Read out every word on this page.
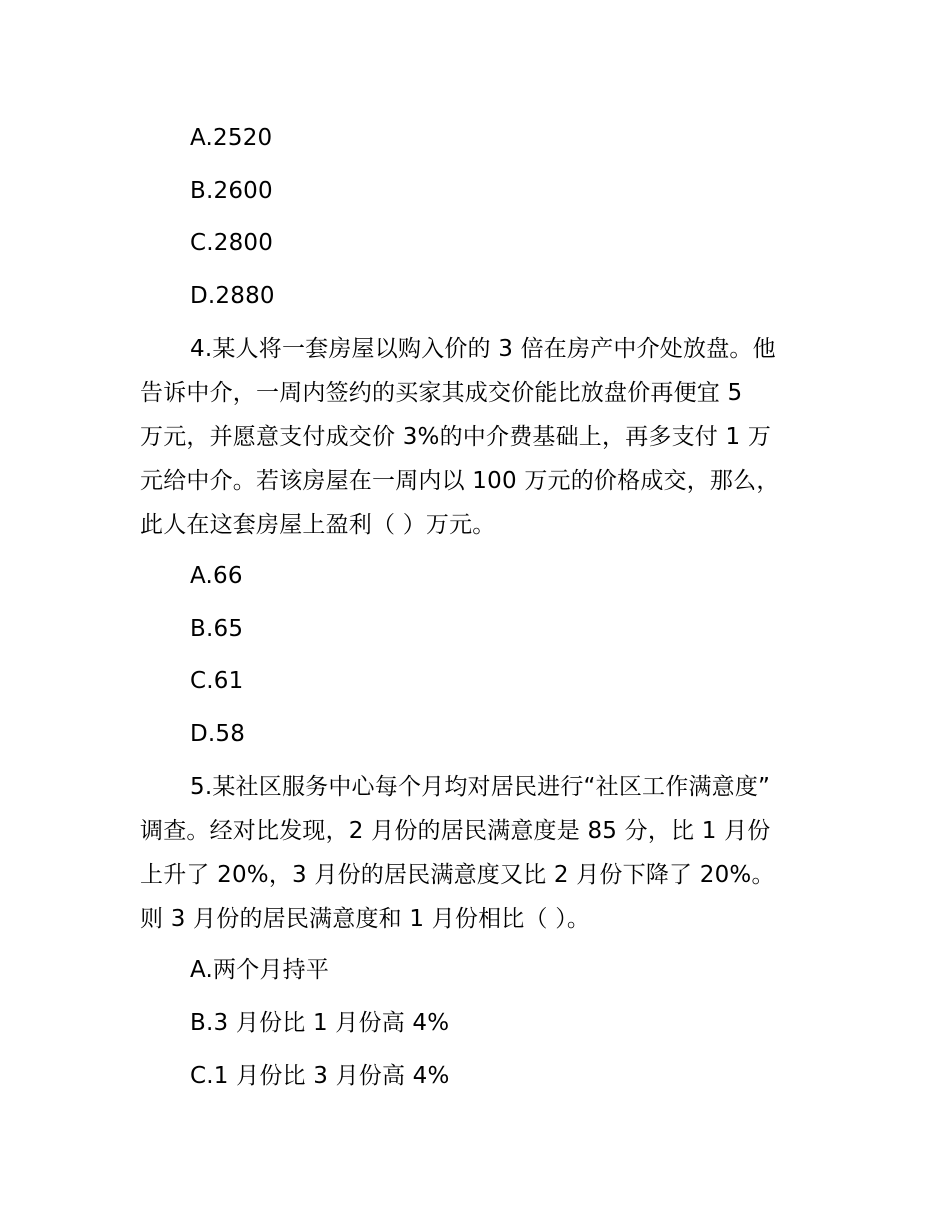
A.2520
B.2600
C.2800
D.2880
4.某人将一套房屋以购入价的 3 倍在房产中介处放盘。他
告诉中介，一周内签约的买家其成交价能比放盘价再便宜 5
万元，并愿意支付成交价 3%的中介费基础上，再多支付 1 万
元给中介。若该房屋在一周内以 100 万元的价格成交，那么，
此人在这套房屋上盈利（ ）万元。
A.66
B.65
C.61
D.58
5.某社区服务中心每个月均对居民进行“社区工作满意度”
调查。经对比发现，2 月份的居民满意度是 85 分，比 1 月份
上升了 20%，3 月份的居民满意度又比 2 月份下降了 20%。
则 3 月份的居民满意度和 1 月份相比（ ）。
A.两个月持平
B.3 月份比 1 月份高 4%
C.1 月份比 3 月份高 4%
